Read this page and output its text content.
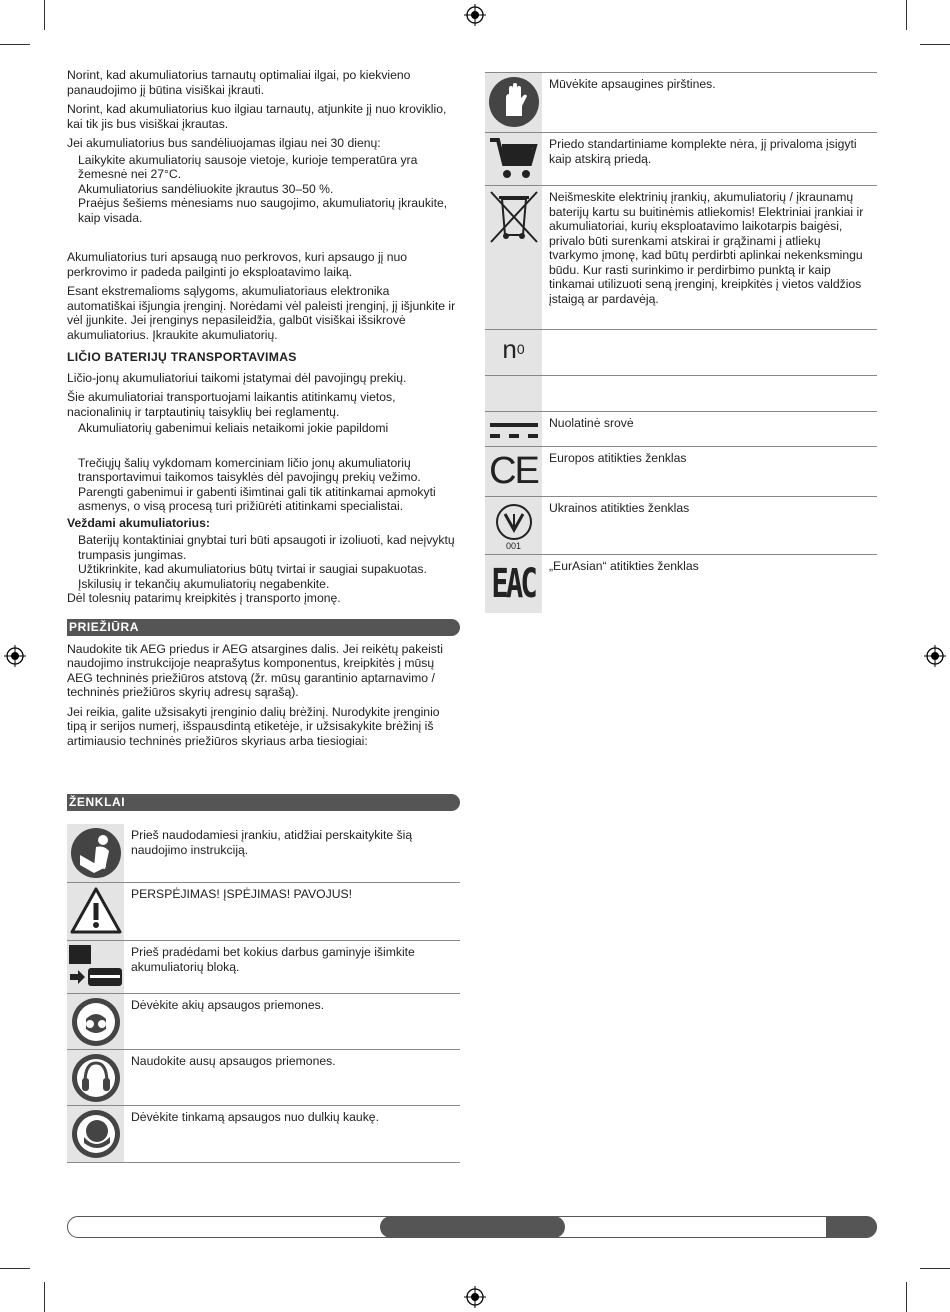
Norint, kad akumuliatorius tarnautų optimaliai ilgai, po kiekvieno panaudojimo jį būtina visiškai įkrauti.

Norint, kad akumuliatorius kuo ilgiau tarnautų, atjunkite jį nuo kroviklio, kai tik jis bus visiškai įkrautas.

Jei akumuliatorius bus sandėliuojamas ilgiau nei 30 dienų:

Laikykite akumuliatorių sausoje vietoje, kurioje temperatūra yra žemesnė nei 27°C.
Akumuliatorius sandėliuokite įkrautus 30–50 %.
Praėjus šešiems mėnesiams nuo saugojimo, akumuliatorių įkraukite, kaip visada.

Akumuliatorius turi apsaugą nuo perkrovos, kuri apsaugo jį nuo perkrovimo ir padeda pailginti jo eksploatavimo laiką.

Esant ekstremalioms sąlygoms, akumuliatoriaus elektronika automatiškai išjungia įrenginį. Norėdami vėl paleisti įrenginį, jį išjunkite ir vėl įjunkite. Jei įrenginys nepasileidžia, galbūt visiškai išsikrovė akumuliatorius. Įkraukite akumuliatorių.

LIČIO BATERIJŲ TRANSPORTAVIMAS

Ličio-jonų akumuliatoriui taikomi įstatymai dėl pavojingų prekių.

Šie akumuliatoriai transportuojami laikantis atitinkamų vietos, nacionalinių ir tarptautinių taisyklių bei reglamentų.

Akumuliatorių gabenimui keliais netaikomi jokie papildomi
Trečiųjų šalių vykdomam komerciniam ličio jonų akumuliatorių transportavimui taikomos taisyklės dėl pavojingų prekių vežimo. Parengti gabenimui ir gabenti išimtinai gali tik atitinkamai apmokyti asmenys, o visą procesą turi prižiūrėti atitinkami specialistai.
Veždami akumuliatorius:
Baterijų kontaktiniai gnybtai turi būti apsaugoti ir izoliuoti, kad neįvyktų trumpasis jungimas.
Užtikrinkite, kad akumuliatorius būtų tvirtai ir saugiai supakuotas.
Įskilusių ir tekančių akumuliatorių negabenkite.
Dėl tolesnių patarimų kreipkitės į transporto įmonę.
PRIEŽIŪRA

Naudokite tik AEG priedus ir AEG atsargines dalis. Jei reikėtų pakeisti naudojimo instrukcijoje neaprašytus komponentus, kreipkitės į mūsų AEG techninės priežiūros atstovą (žr. mūsų garantinio aptarnavimo / techninės priežiūros skyrių adresų sąrašą).

Jei reikia, galite užsisakyti įrenginio dalių brėžinį. Nurodykite įrenginio tipą ir serijos numerį, išspausdintą etiketėje, ir užsisakykite brėžinį iš artimiausio techninės priežiūros skyriaus arba tiesiogiai:

ŽENKLAI
Prieš naudodamiesi įrankiu, atidžiai perskaitykite šią naudojimo instrukciją.
PERSPĖJIMAS! ĮSPĖJIMAS! PAVOJUS!
Prieš pradėdami bet kokius darbus gaminyje išimkite akumuliatorių bloką.
Dėvėkite akių apsaugos priemones.
Naudokite ausų apsaugos priemones.
Dėvėkite tinkamą apsaugos nuo dulkių kaukę.
Mūvėkite apsaugines pirštines.
Priedo standartiniame komplekte nėra, jį privaloma įsigyti kaip atskirą priedą.
Neišmeskite elektrinių įrankių, akumuliatorių / įkraunamų baterijų kartu su buitinėmis atliekomis! Elektriniai įrankiai ir akumuliatoriai, kurių eksploatavimo laikotarpis baigėsi, privalo būti surenkami atskirai ir grąžinami į atliekų tvarkymo įmonę, kad būtų perdirbti aplinkai nekenksmingu būdu. Kur rasti surinkimo ir perdirbimo punktą ir kaip tinkamai utilizuoti seną įrenginį, kreipkitės į vietos valdžios įstaigą ar pardavėją.
n 0
Nuolatinė srovė
CE Europos atitikties ženklas
001
Ukrainos atitikties ženklas
EAC	„EurAsian“ atitikties ženklas
